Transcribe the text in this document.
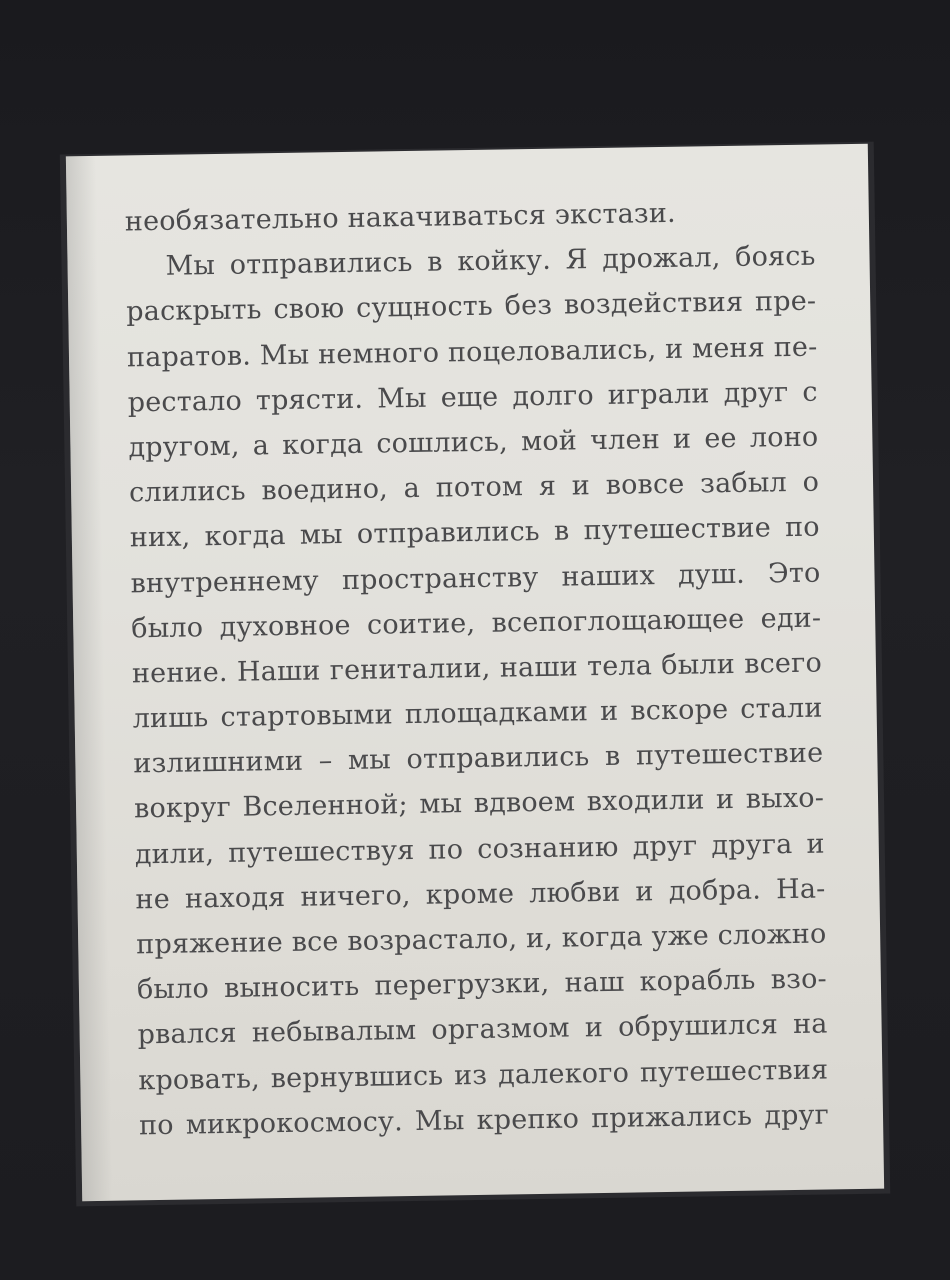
необязательно накачиваться экстази.
Мы отправились в койку. Я дрожал, боясь
раскрыть свою сущность без воздействия пре-
паратов. Мы немного поцеловались, и меня пе-
рестало трясти. Мы еще долго играли друг с
другом, а когда сошлись, мой член и ее лоно
слились воедино, а потом я и вовсе забыл о
них, когда мы отправились в путешествие по
внутреннему пространству наших душ. Это
было духовное соитие, всепоглощающее еди-
нение. Наши гениталии, наши тела были всего
лишь стартовыми площадками и вскоре стали
излишними – мы отправились в путешествие
вокруг Вселенной; мы вдвоем входили и выхо-
дили, путешествуя по сознанию друг друга и
не находя ничего, кроме любви и добра. На-
пряжение все возрастало, и, когда уже сложно
было выносить перегрузки, наш корабль взо-
рвался небывалым оргазмом и обрушился на
кровать, вернувшись из далекого путешествия
по микрокосмосу. Мы крепко прижались друг
